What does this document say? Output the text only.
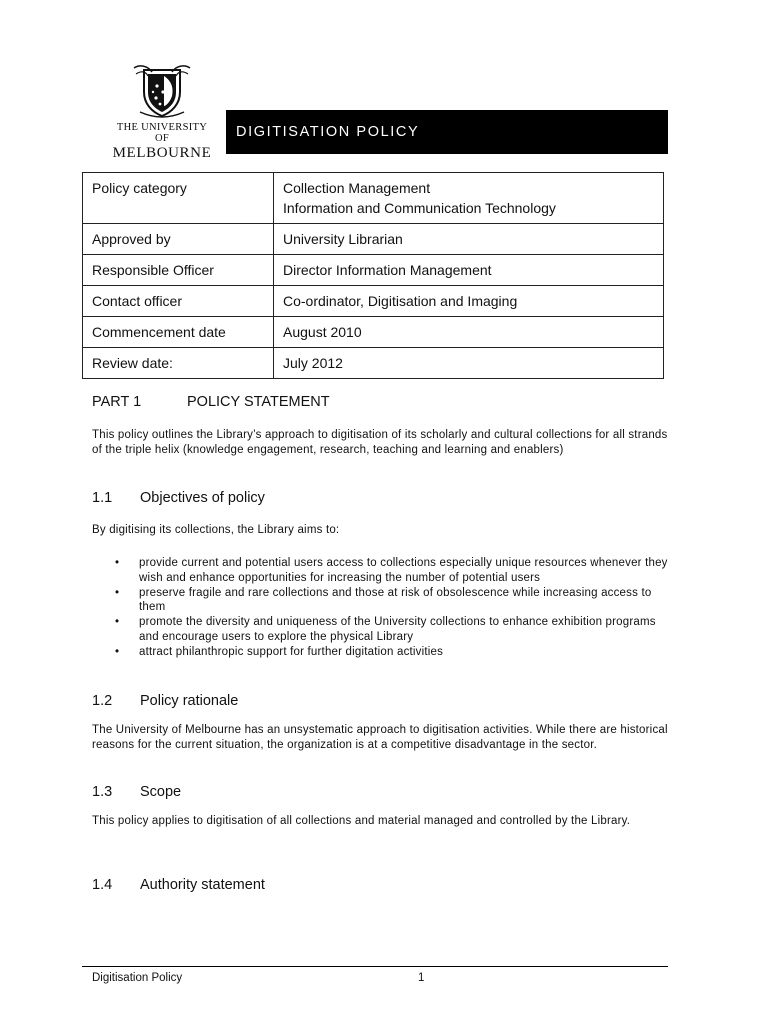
THE UNIVERSITY OF
MELBOURNE
DIGITISATION POLICY
Policy category	Collection Management
Information and Communication Technology

Approved by	University Librarian
Responsible Officer	Director Information Management
Contact officer	Co-ordinator, Digitisation and Imaging
Commencement date	August 2010
Review date:	July 2012
PART 1	POLICY STATEMENT
This policy outlines the Library’s approach to digitisation of its scholarly and cultural collections for all strands of the triple helix (knowledge engagement, research, teaching and learning and enablers)
1.1 Objectives of policy
By digitising its collections, the Library aims to:
• provide current and potential users access to collections especially unique resources whenever they wish and enhance opportunities for increasing the number of potential users
• preserve fragile and rare collections and those at risk of obsolescence while increasing access to them
• promote the diversity and uniqueness of the University collections to enhance exhibition programs and encourage users to explore the physical Library
• attract philanthropic support for further digitation activities
1.2 Policy rationale
The University of Melbourne has an unsystematic approach to digitisation activities. While there are historical reasons for the current situation, the organization is at a competitive disadvantage in the sector.
1.3 Scope
This policy applies to digitisation of all collections and material managed and controlled by the Library.
1.4 Authority statement
Digitisation Policy	1
